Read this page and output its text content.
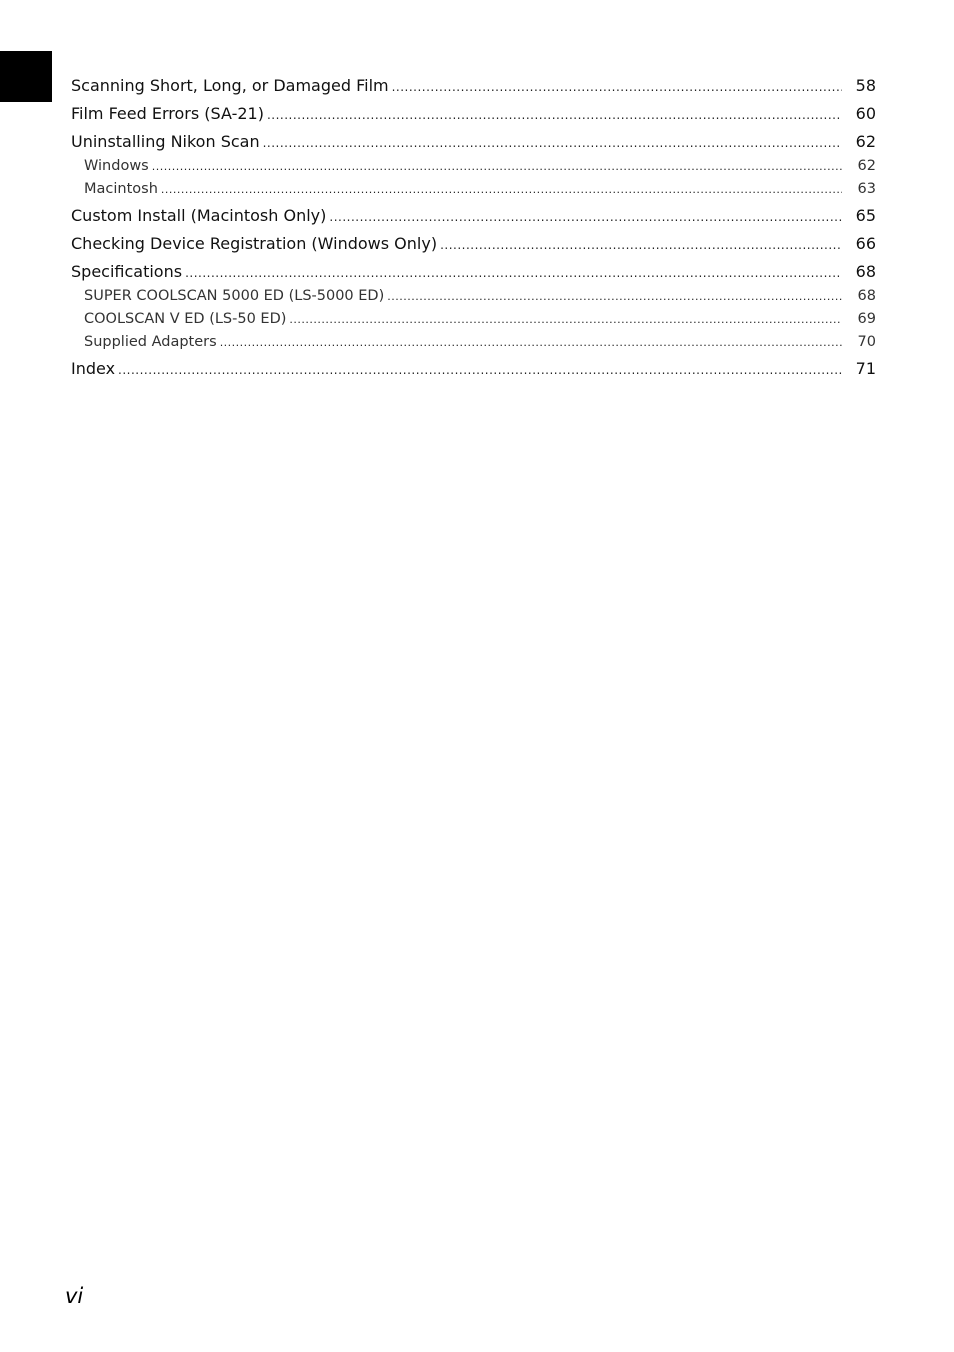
Scanning Short, Long, or Damaged Film .....	58
Film Feed Errors (SA-21) .....	60
Uninstalling Nikon Scan .....	62
Windows .....	62
Macintosh .....	63
Custom Install (Macintosh Only) .....	65
Checking Device Registration (Windows Only) .....	66
Specifications .....	68
SUPER COOLSCAN 5000 ED (LS-5000 ED) .....	68
COOLSCAN V ED (LS-50 ED) .....	69
Supplied Adapters .....	70
Index .....	71
vi
